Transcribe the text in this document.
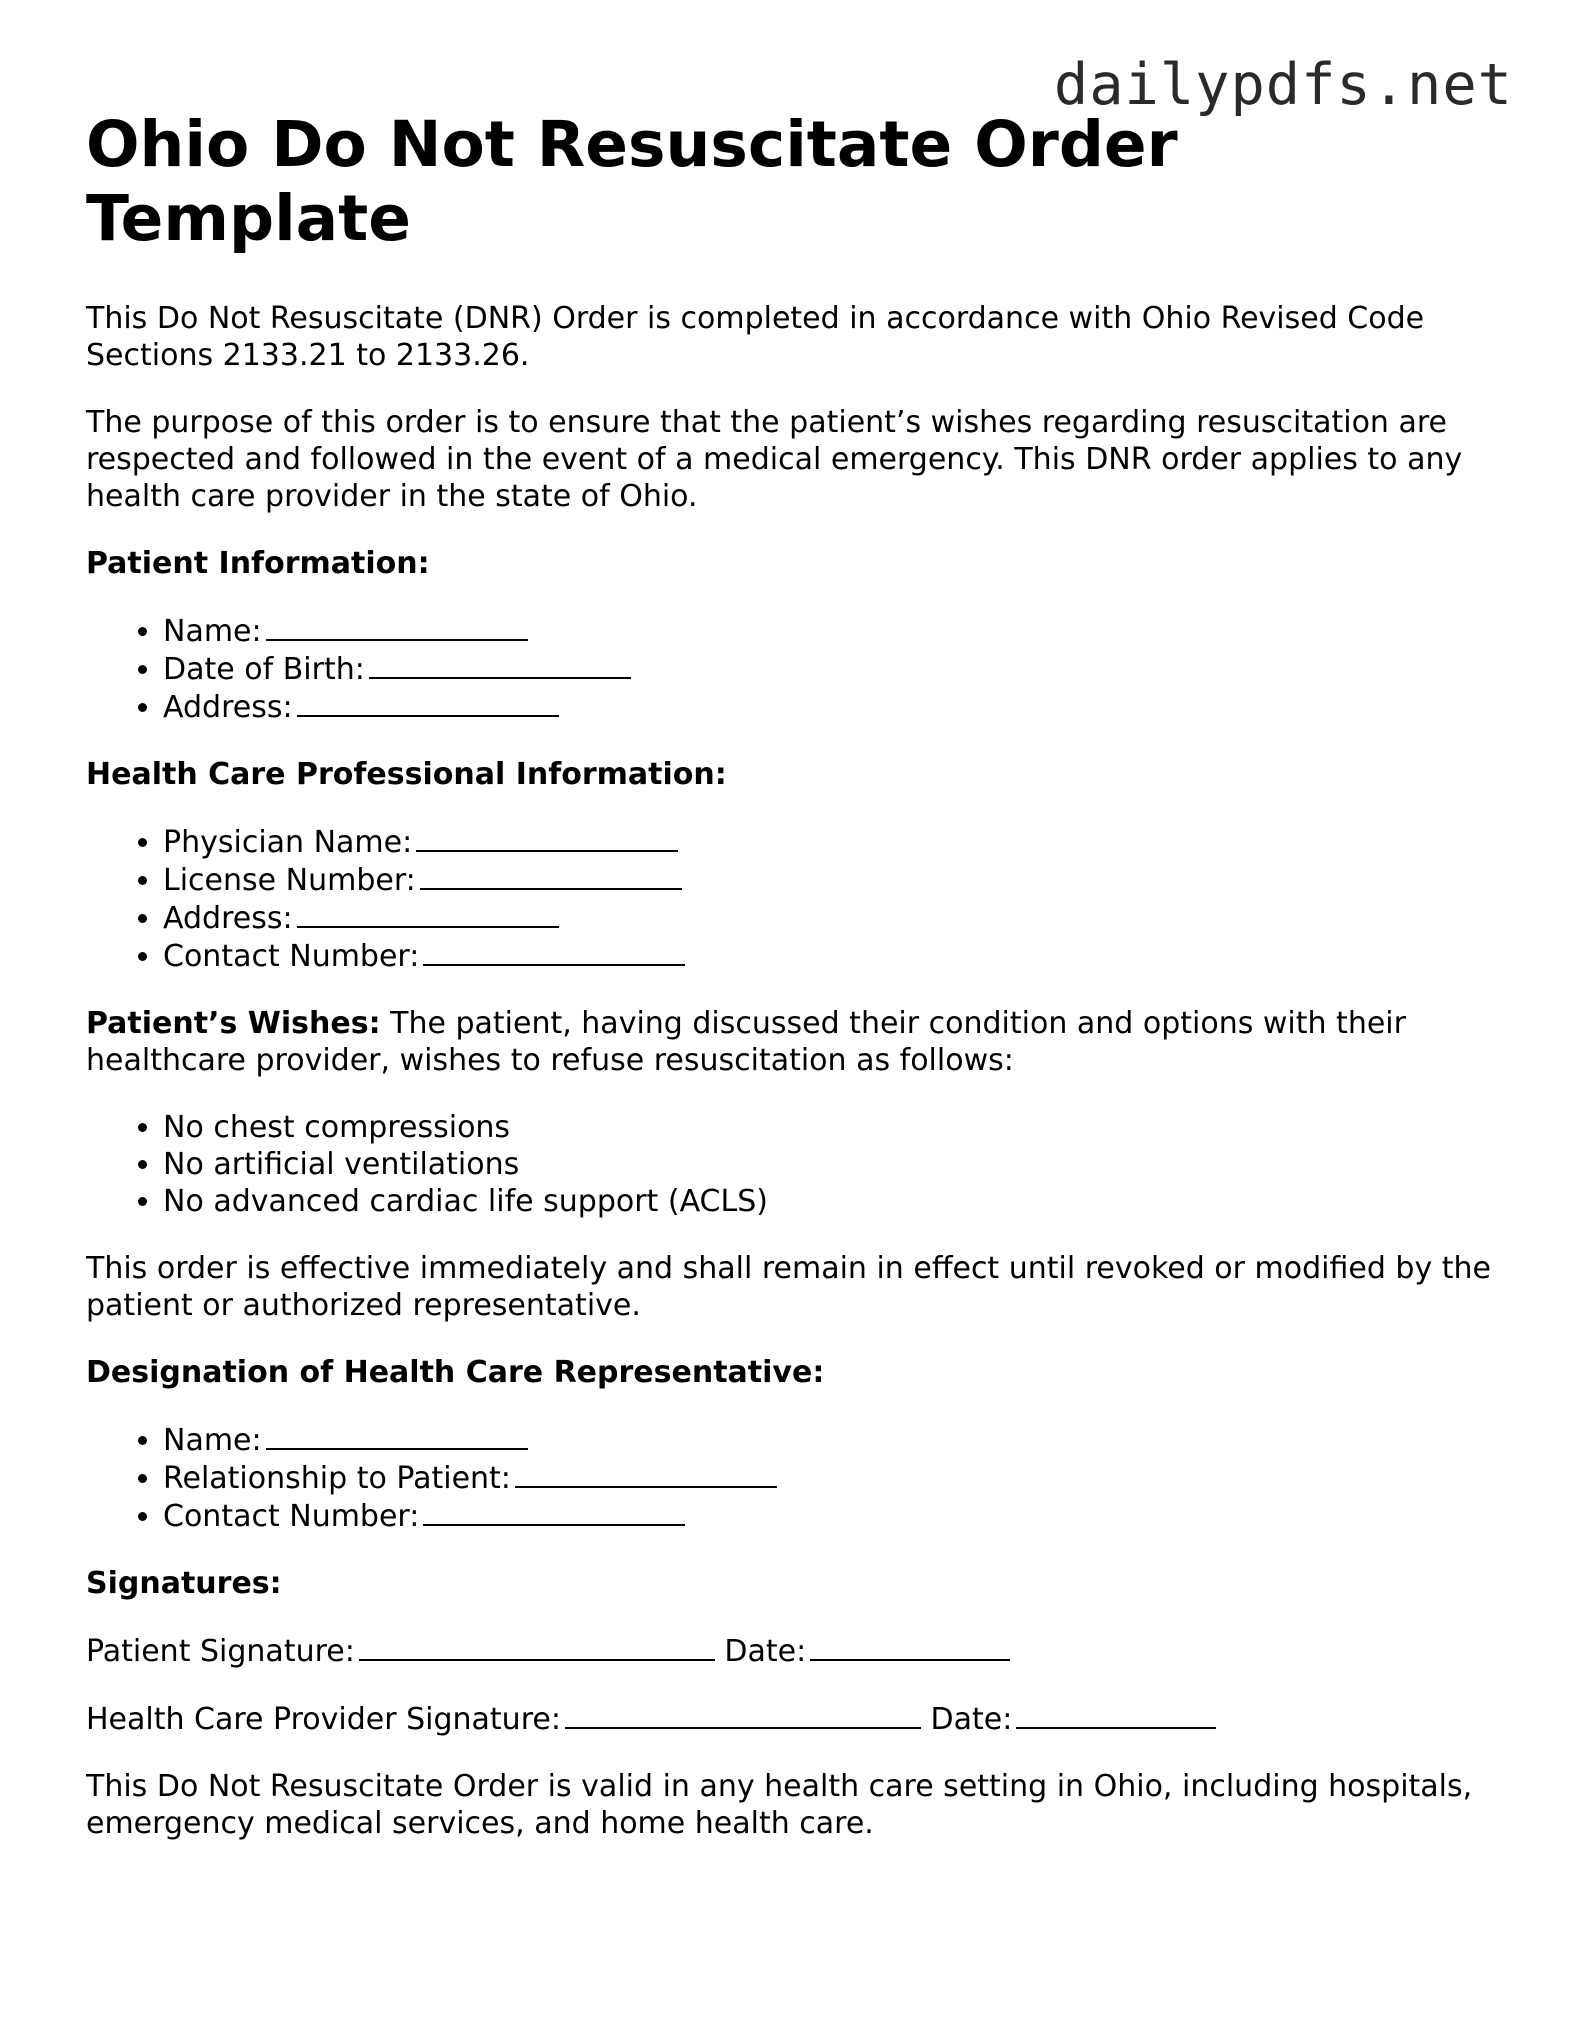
dailypdfs.net
Ohio Do Not Resuscitate Order Template

This Do Not Resuscitate (DNR) Order is completed in accordance with Ohio Revised Code Sections 2133.21 to 2133.26.

The purpose of this order is to ensure that the patient’s wishes regarding resuscitation are respected and followed in the event of a medical emergency. This DNR order applies to any health care provider in the state of Ohio.

Patient Information:
• Name:
• Date of Birth:
• Address:
Health Care Professional Information:
• Physician Name:
• License Number:
• Address:
• Contact Number:

Patient’s Wishes: The patient, having discussed their condition and options with their healthcare provider, wishes to refuse resuscitation as follows:

• No chest compressions
• No artificial ventilations
• No advanced cardiac life support (ACLS)

This order is effective immediately and shall remain in effect until revoked or modified by the patient or authorized representative.

Designation of Health Care Representative:
• Name:
• Relationship to Patient:
• Contact Number:
Signatures:
Patient Signature:	Date:
Health Care Provider Signature:	Date:

This Do Not Resuscitate Order is valid in any health care setting in Ohio, including hospitals, emergency medical services, and home health care.
